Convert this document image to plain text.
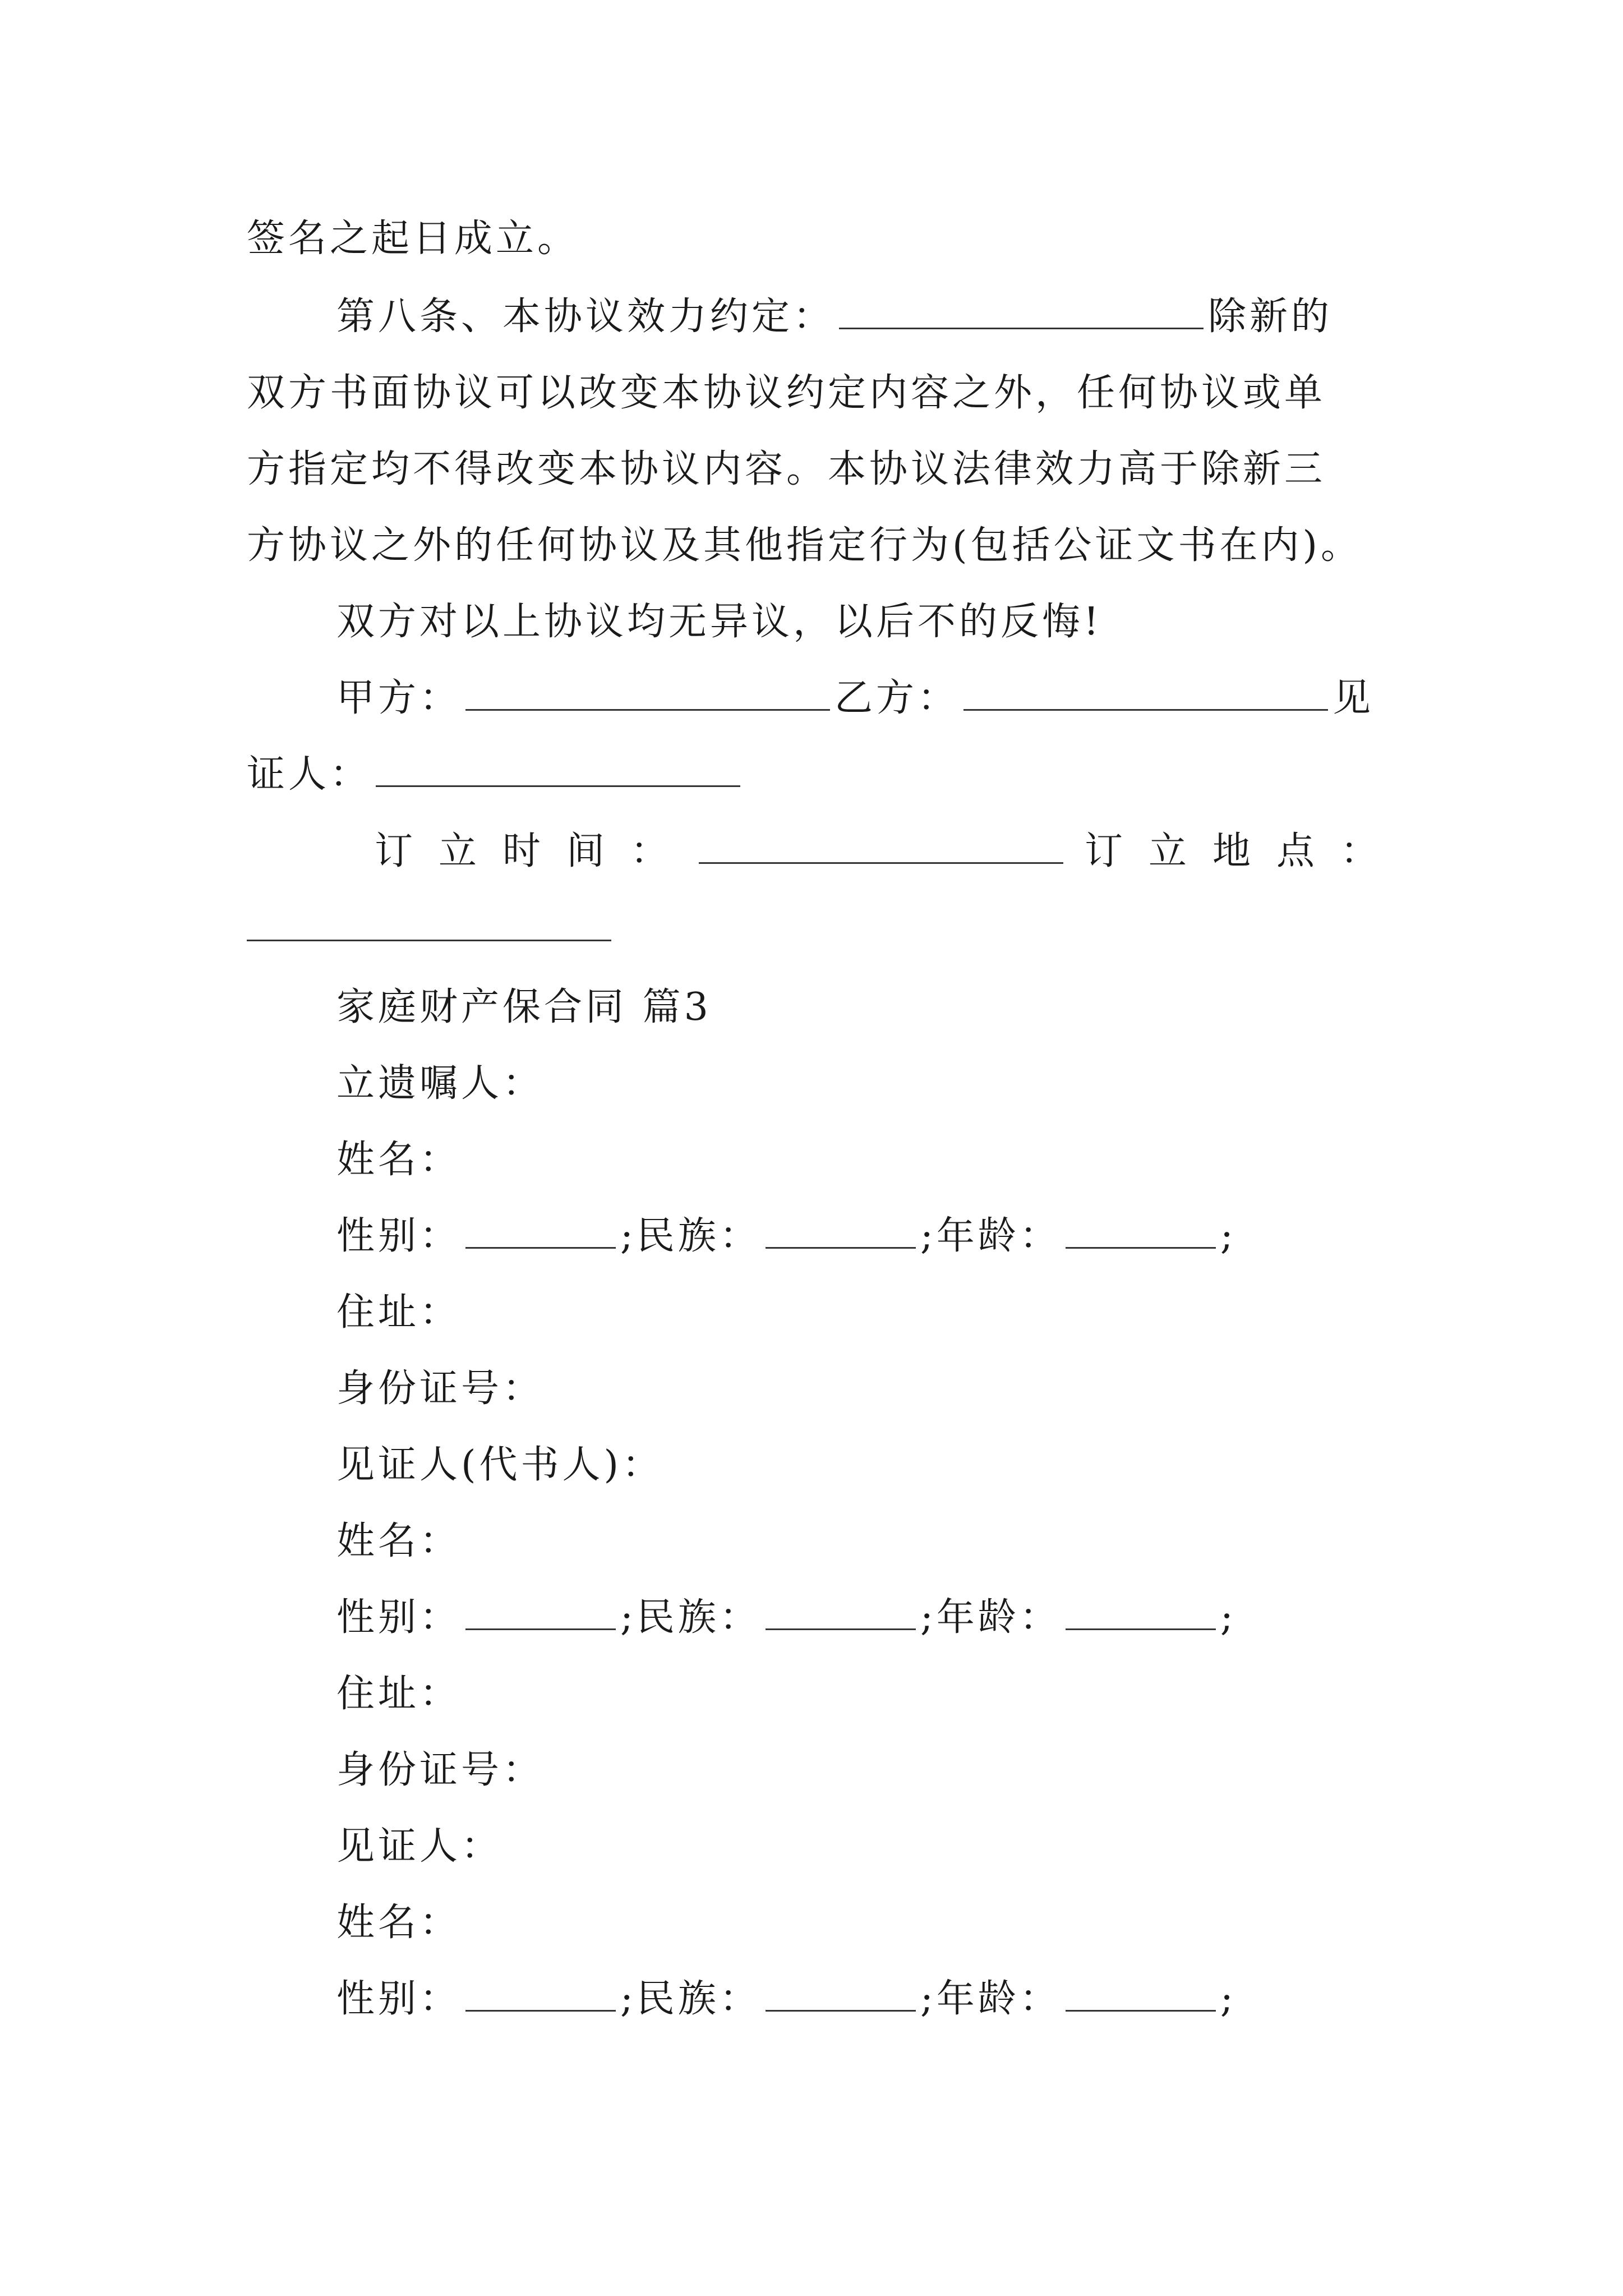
签名之起日成立。
第八条、本协议效力约定：	除新的
双方书面协议可以改变本协议约定内容之外，任何协议或单
方指定均不得改变本协议内容。本协议法律效力高于除新三
方协议之外的任何协议及其他指定行为(包括公证文书在内)。
双方对以上协议均无异议，以后不的反悔!
甲方：	乙方：	见
证人：
订立时间：	订立地点：
家庭财产保合同 篇3
立遗嘱人：
姓名：
性别：	;民族：	;年龄：	;
住址：
身份证号：
见证人(代书人)：
姓名：
性别：	;民族：	;年龄：	;
住址：
身份证号：
见证人：
姓名：
性别：	;民族：	;年龄：	;
